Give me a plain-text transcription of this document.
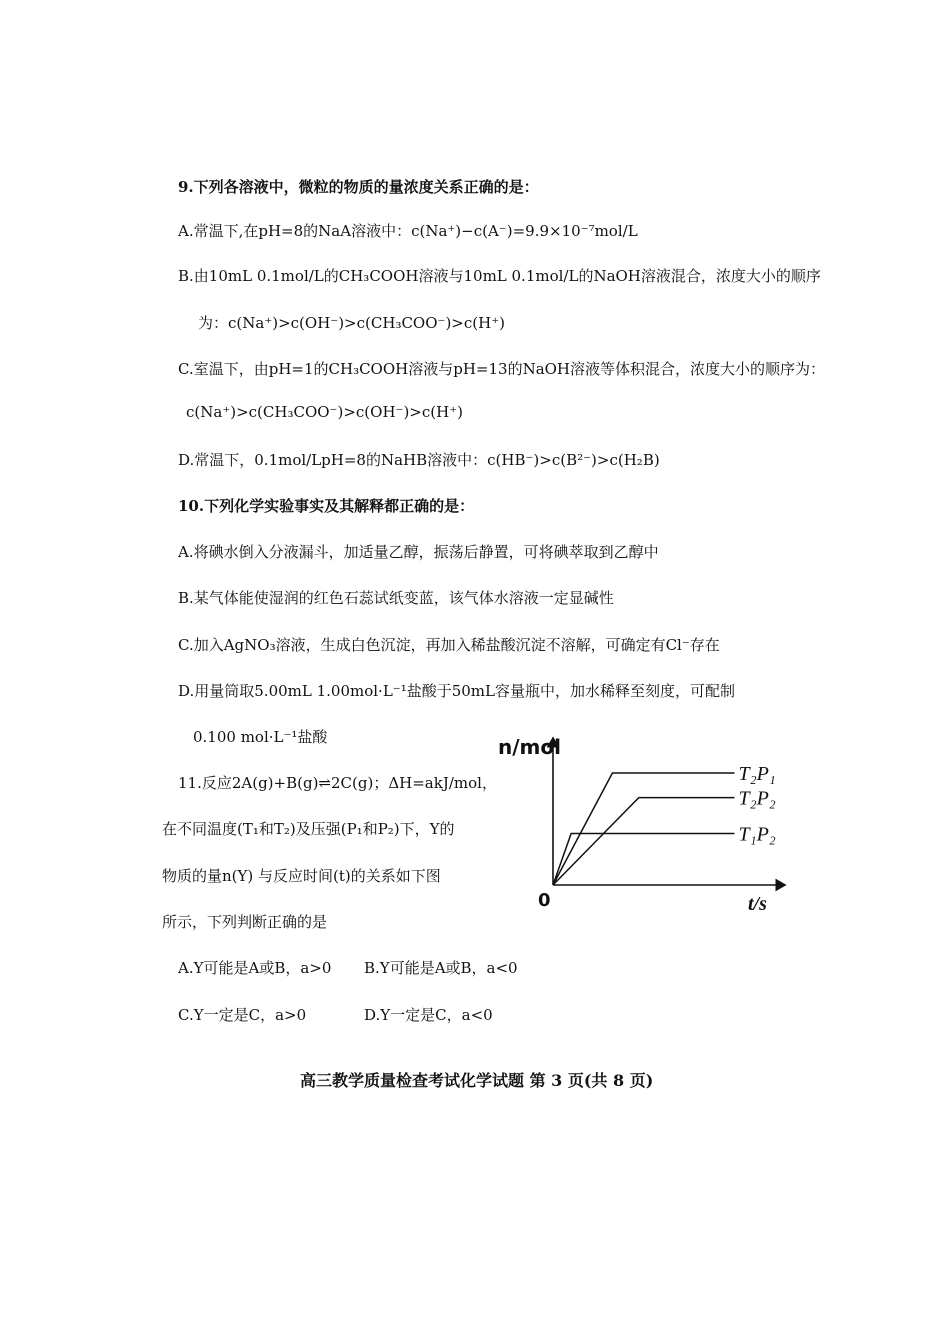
9.下列各溶液中，微粒的物质的量浓度关系正确的是：
A.常温下,在pH=8的NaA溶液中：c(Na⁺)−c(A⁻)=9.9×10⁻⁷mol/L
B.由10mL 0.1mol/L的CH₃COOH溶液与10mL 0.1mol/L的NaOH溶液混合，浓度大小的顺序
为：c(Na⁺)>c(OH⁻)>c(CH₃COO⁻)>c(H⁺)
C.室温下，由pH=1的CH₃COOH溶液与pH=13的NaOH溶液等体积混合，浓度大小的顺序为：
c(Na⁺)>c(CH₃COO⁻)>c(OH⁻)>c(H⁺)
D.常温下，0.1mol/LpH=8的NaHB溶液中：c(HB⁻)>c(B²⁻)>c(H₂B)
10.下列化学实验事实及其解释都正确的是：
A.将碘水倒入分液漏斗，加适量乙醇，振荡后静置，可将碘萃取到乙醇中
B.某气体能使湿润的红色石蕊试纸变蓝，该气体水溶液一定显碱性
C.加入AgNO₃溶液，生成白色沉淀，再加入稀盐酸沉淀不溶解，可确定有Cl⁻存在
D.用量筒取5.00mL 1.00mol·L⁻¹盐酸于50mL容量瓶中，加水稀释至刻度，可配制
0.100 mol·L⁻¹盐酸
11.反应2A(g)+B(g)⇌2C(g)；ΔH=akJ/mol，
在不同温度(T₁和T₂)及压强(P₁和P₂)下，Y的
物质的量n(Y) 与反应时间(t)的关系如下图
所示，下列判断正确的是
A.Y可能是A或B，a>0 B.Y可能是A或B，a<0
C.Y一定是C，a>0	D.Y一定是C，a<0
n/mol
t/s
0
T₂P₁
T₂P₂
T₁P₂
高三教学质量检查考试化学试题 第 3 页(共 8 页)
